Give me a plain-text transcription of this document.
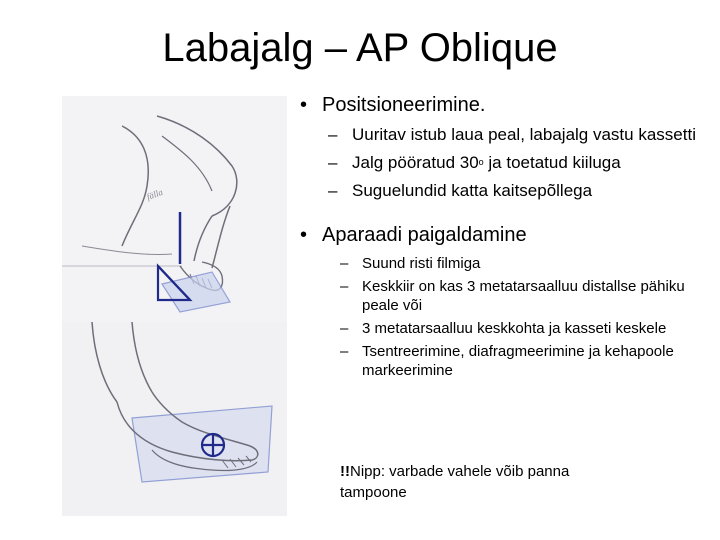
Labajalg – AP Oblique
fälla
• Positsioneerimine.
– Uuritav istub laua peal, labajalg vastu kassetti
– Jalg pööratud 30$^o$ ja toetatud kiiluga
– Suguelundid katta kaitsepõllega
• Aparaadi paigaldamine
– Suund risti filmiga
– Keskkiir on kas 3 metatarsaalluu distallse pähiku peale või
– 3 metatarsaalluu keskkohta ja kasseti keskele
– Tsentreerimine, diafragmeerimine ja kehapoole markeerimine
!!Nipp: varbade vahele võib panna tampoone
